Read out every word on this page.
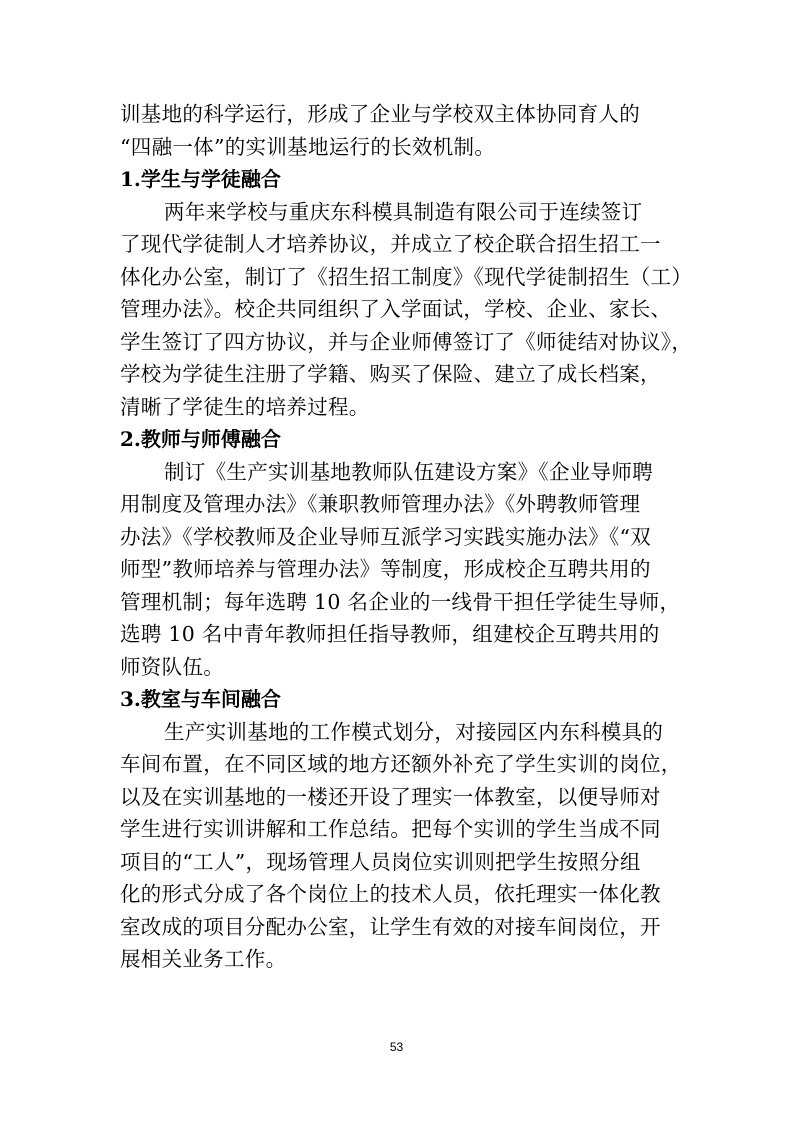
训基地的科学运行，形成了企业与学校双主体协同育人的
“四融一体”的实训基地运行的长效机制。
1.学生与学徒融合
两年来学校与重庆东科模具制造有限公司于连续签订
了现代学徒制人才培养协议，并成立了校企联合招生招工一
体化办公室，制订了《招生招工制度》《现代学徒制招生（工）
管理办法》。校企共同组织了入学面试，学校、企业、家长、
学生签订了四方协议，并与企业师傅签订了《师徒结对协议》，
学校为学徒生注册了学籍、购买了保险、建立了成长档案，
清晰了学徒生的培养过程。
2.教师与师傅融合
制订《生产实训基地教师队伍建设方案》《企业导师聘
用制度及管理办法》《兼职教师管理办法》《外聘教师管理
办法》《学校教师及企业导师互派学习实践实施办法》《“双
师型”教师培养与管理办法》等制度，形成校企互聘共用的
管理机制；每年选聘 10 名企业的一线骨干担任学徒生导师，
选聘 10 名中青年教师担任指导教师，组建校企互聘共用的
师资队伍。
3.教室与车间融合
生产实训基地的工作模式划分，对接园区内东科模具的
车间布置，在不同区域的地方还额外补充了学生实训的岗位，
以及在实训基地的一楼还开设了理实一体教室，以便导师对
学生进行实训讲解和工作总结。把每个实训的学生当成不同
项目的“工人”，现场管理人员岗位实训则把学生按照分组
化的形式分成了各个岗位上的技术人员，依托理实一体化教
室改成的项目分配办公室，让学生有效的对接车间岗位，开
展相关业务工作。
53
